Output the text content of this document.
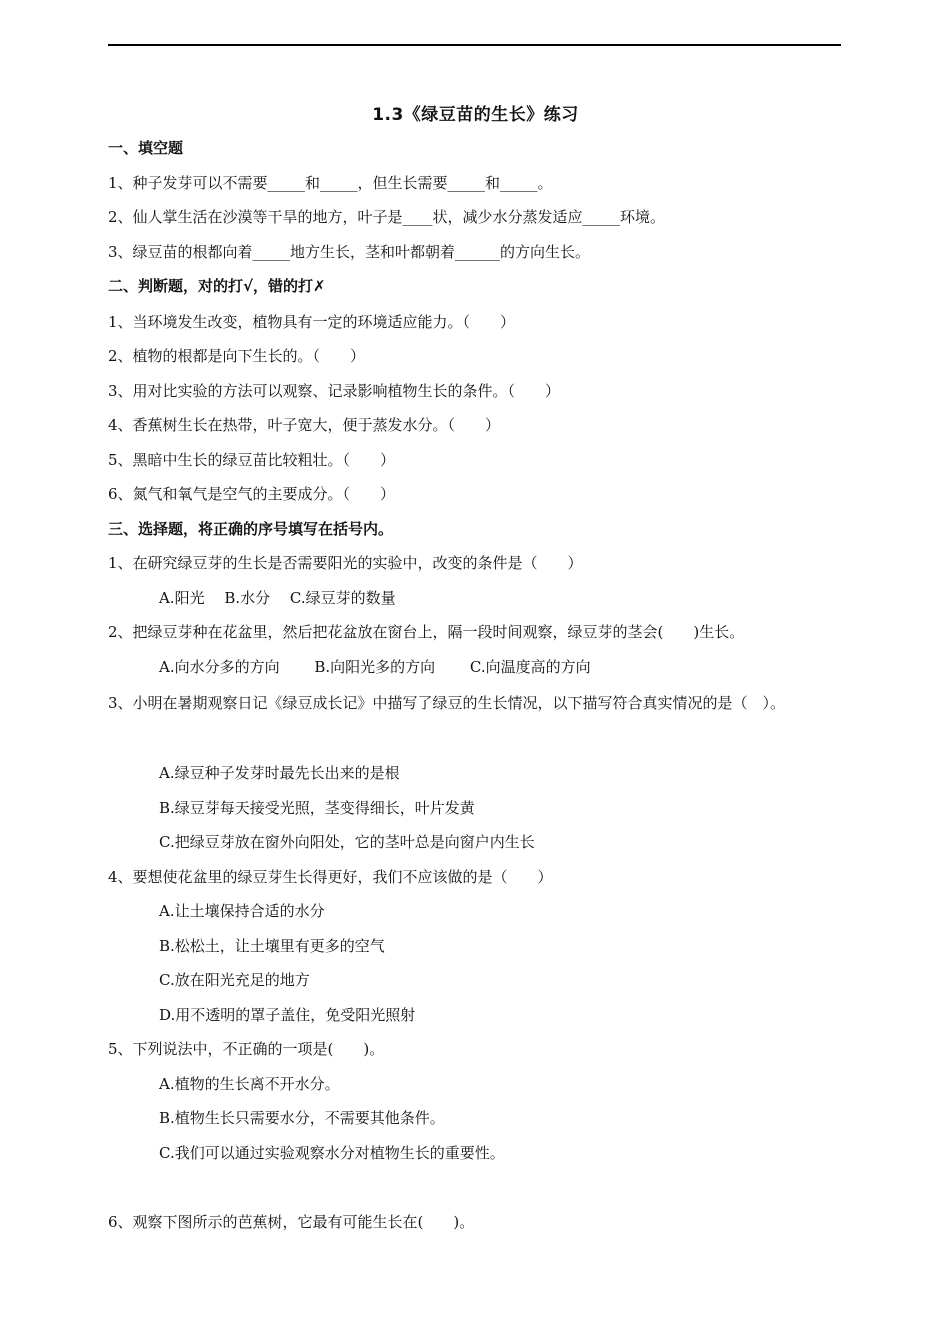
1.3《绿豆苗的生长》练习
一、填空题
1、种子发芽可以不需要_____和_____，但生长需要_____和_____。
2、仙人掌生活在沙漠等干旱的地方，叶子是____状，减少水分蒸发适应_____环境。
3、绿豆苗的根都向着_____地方生长，茎和叶都朝着______的方向生长。
二、判断题，对的打√，错的打✗
1、当环境发生改变，植物具有一定的环境适应能力。（　　）
2、植物的根都是向下生长的。（　　）
3、用对比实验的方法可以观察、记录影响植物生长的条件。（　　）
4、香蕉树生长在热带，叶子宽大，便于蒸发水分。（　　）
5、黑暗中生长的绿豆苗比较粗壮。（　　）
6、氮气和氧气是空气的主要成分。（　　）
三、选择题，将正确的序号填写在括号内。
1、在研究绿豆芽的生长是否需要阳光的实验中，改变的条件是（　　）
A.阳光　 B.水分　 C.绿豆芽的数量
2、把绿豆芽种在花盆里，然后把花盆放在窗台上，隔一段时间观察，绿豆芽的茎会(　　)生长。
A.向水分多的方向　　 B.向阳光多的方向　　 C.向温度高的方向
3、小明在暑期观察日记《绿豆成长记》中描写了绿豆的生长情况，以下描写符合真实情况的是（　）。
A.绿豆种子发芽时最先长出来的是根
B.绿豆芽每天接受光照，茎变得细长，叶片发黄
C.把绿豆芽放在窗外向阳处，它的茎叶总是向窗户内生长
4、要想使花盆里的绿豆芽生长得更好，我们不应该做的是（　　）
A.让土壤保持合适的水分
B.松松土，让土壤里有更多的空气
C.放在阳光充足的地方
D.用不透明的罩子盖住，免受阳光照射
5、下列说法中，不正确的一项是(　　)。
A.植物的生长离不开水分。
B.植物生长只需要水分，不需要其他条件。
C.我们可以通过实验观察水分对植物生长的重要性。
6、观察下图所示的芭蕉树，它最有可能生长在(　　)。
